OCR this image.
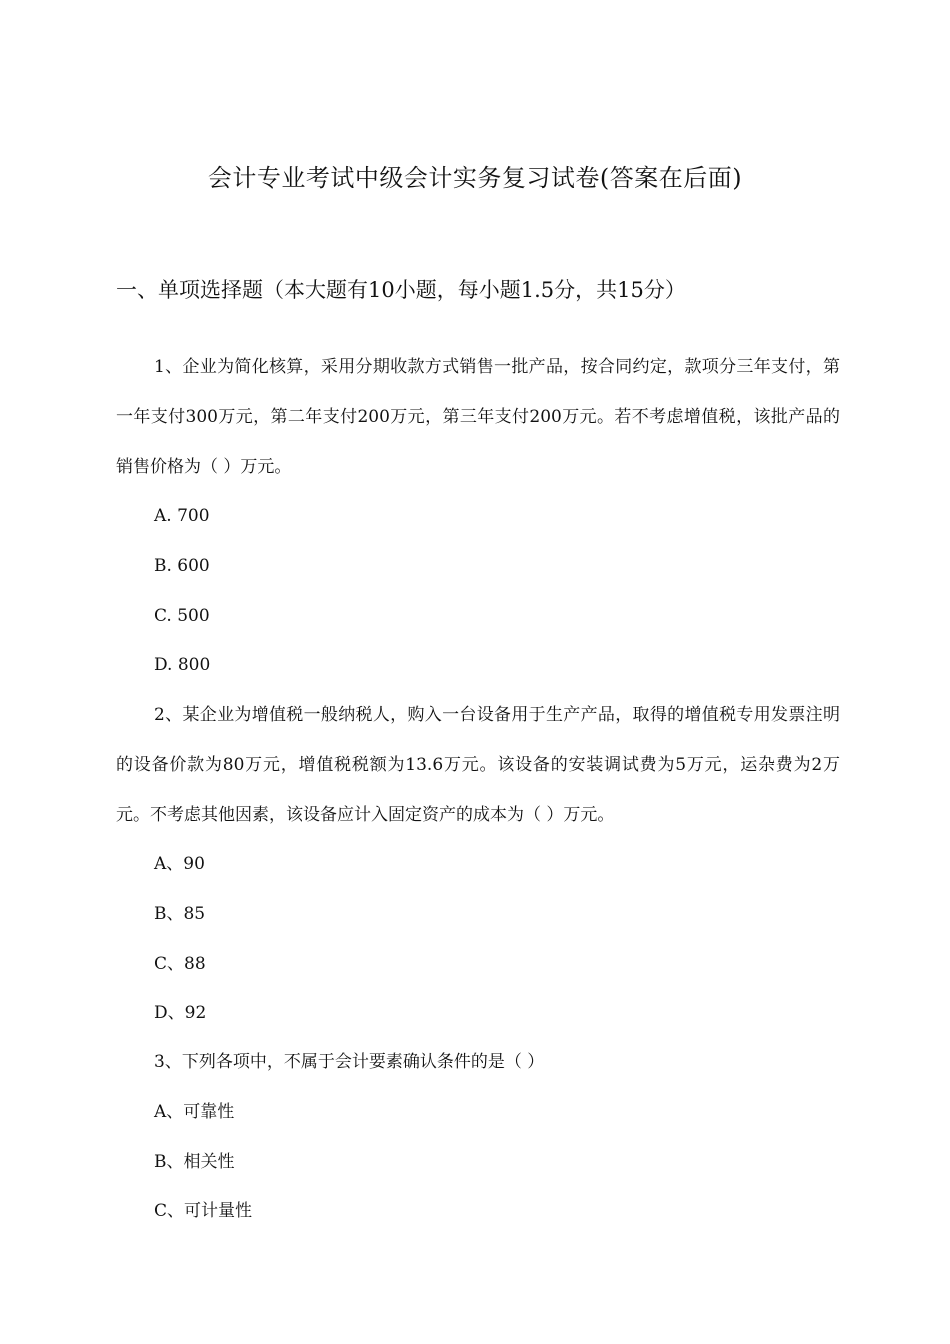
会计专业考试中级会计实务复习试卷(答案在后面)
一、单项选择题（本大题有10小题，每小题1.5分，共15分）
1、企业为简化核算，采用分期收款方式销售一批产品，按合同约定，款项分三年支付，第一年支付300万元，第二年支付200万元，第三年支付200万元。若不考虑增值税，该批产品的销售价格为（ ）万元。
A. 700
B. 600
C. 500
D. 800
2、某企业为增值税一般纳税人，购入一台设备用于生产产品，取得的增值税专用发票注明的设备价款为80万元，增值税税额为13.6万元。该设备的安装调试费为5万元，运杂费为2万元。不考虑其他因素，该设备应计入固定资产的成本为（ ）万元。
A、90
B、85
C、88
D、92
3、下列各项中，不属于会计要素确认条件的是（ ）
A、可靠性
B、相关性
C、可计量性
